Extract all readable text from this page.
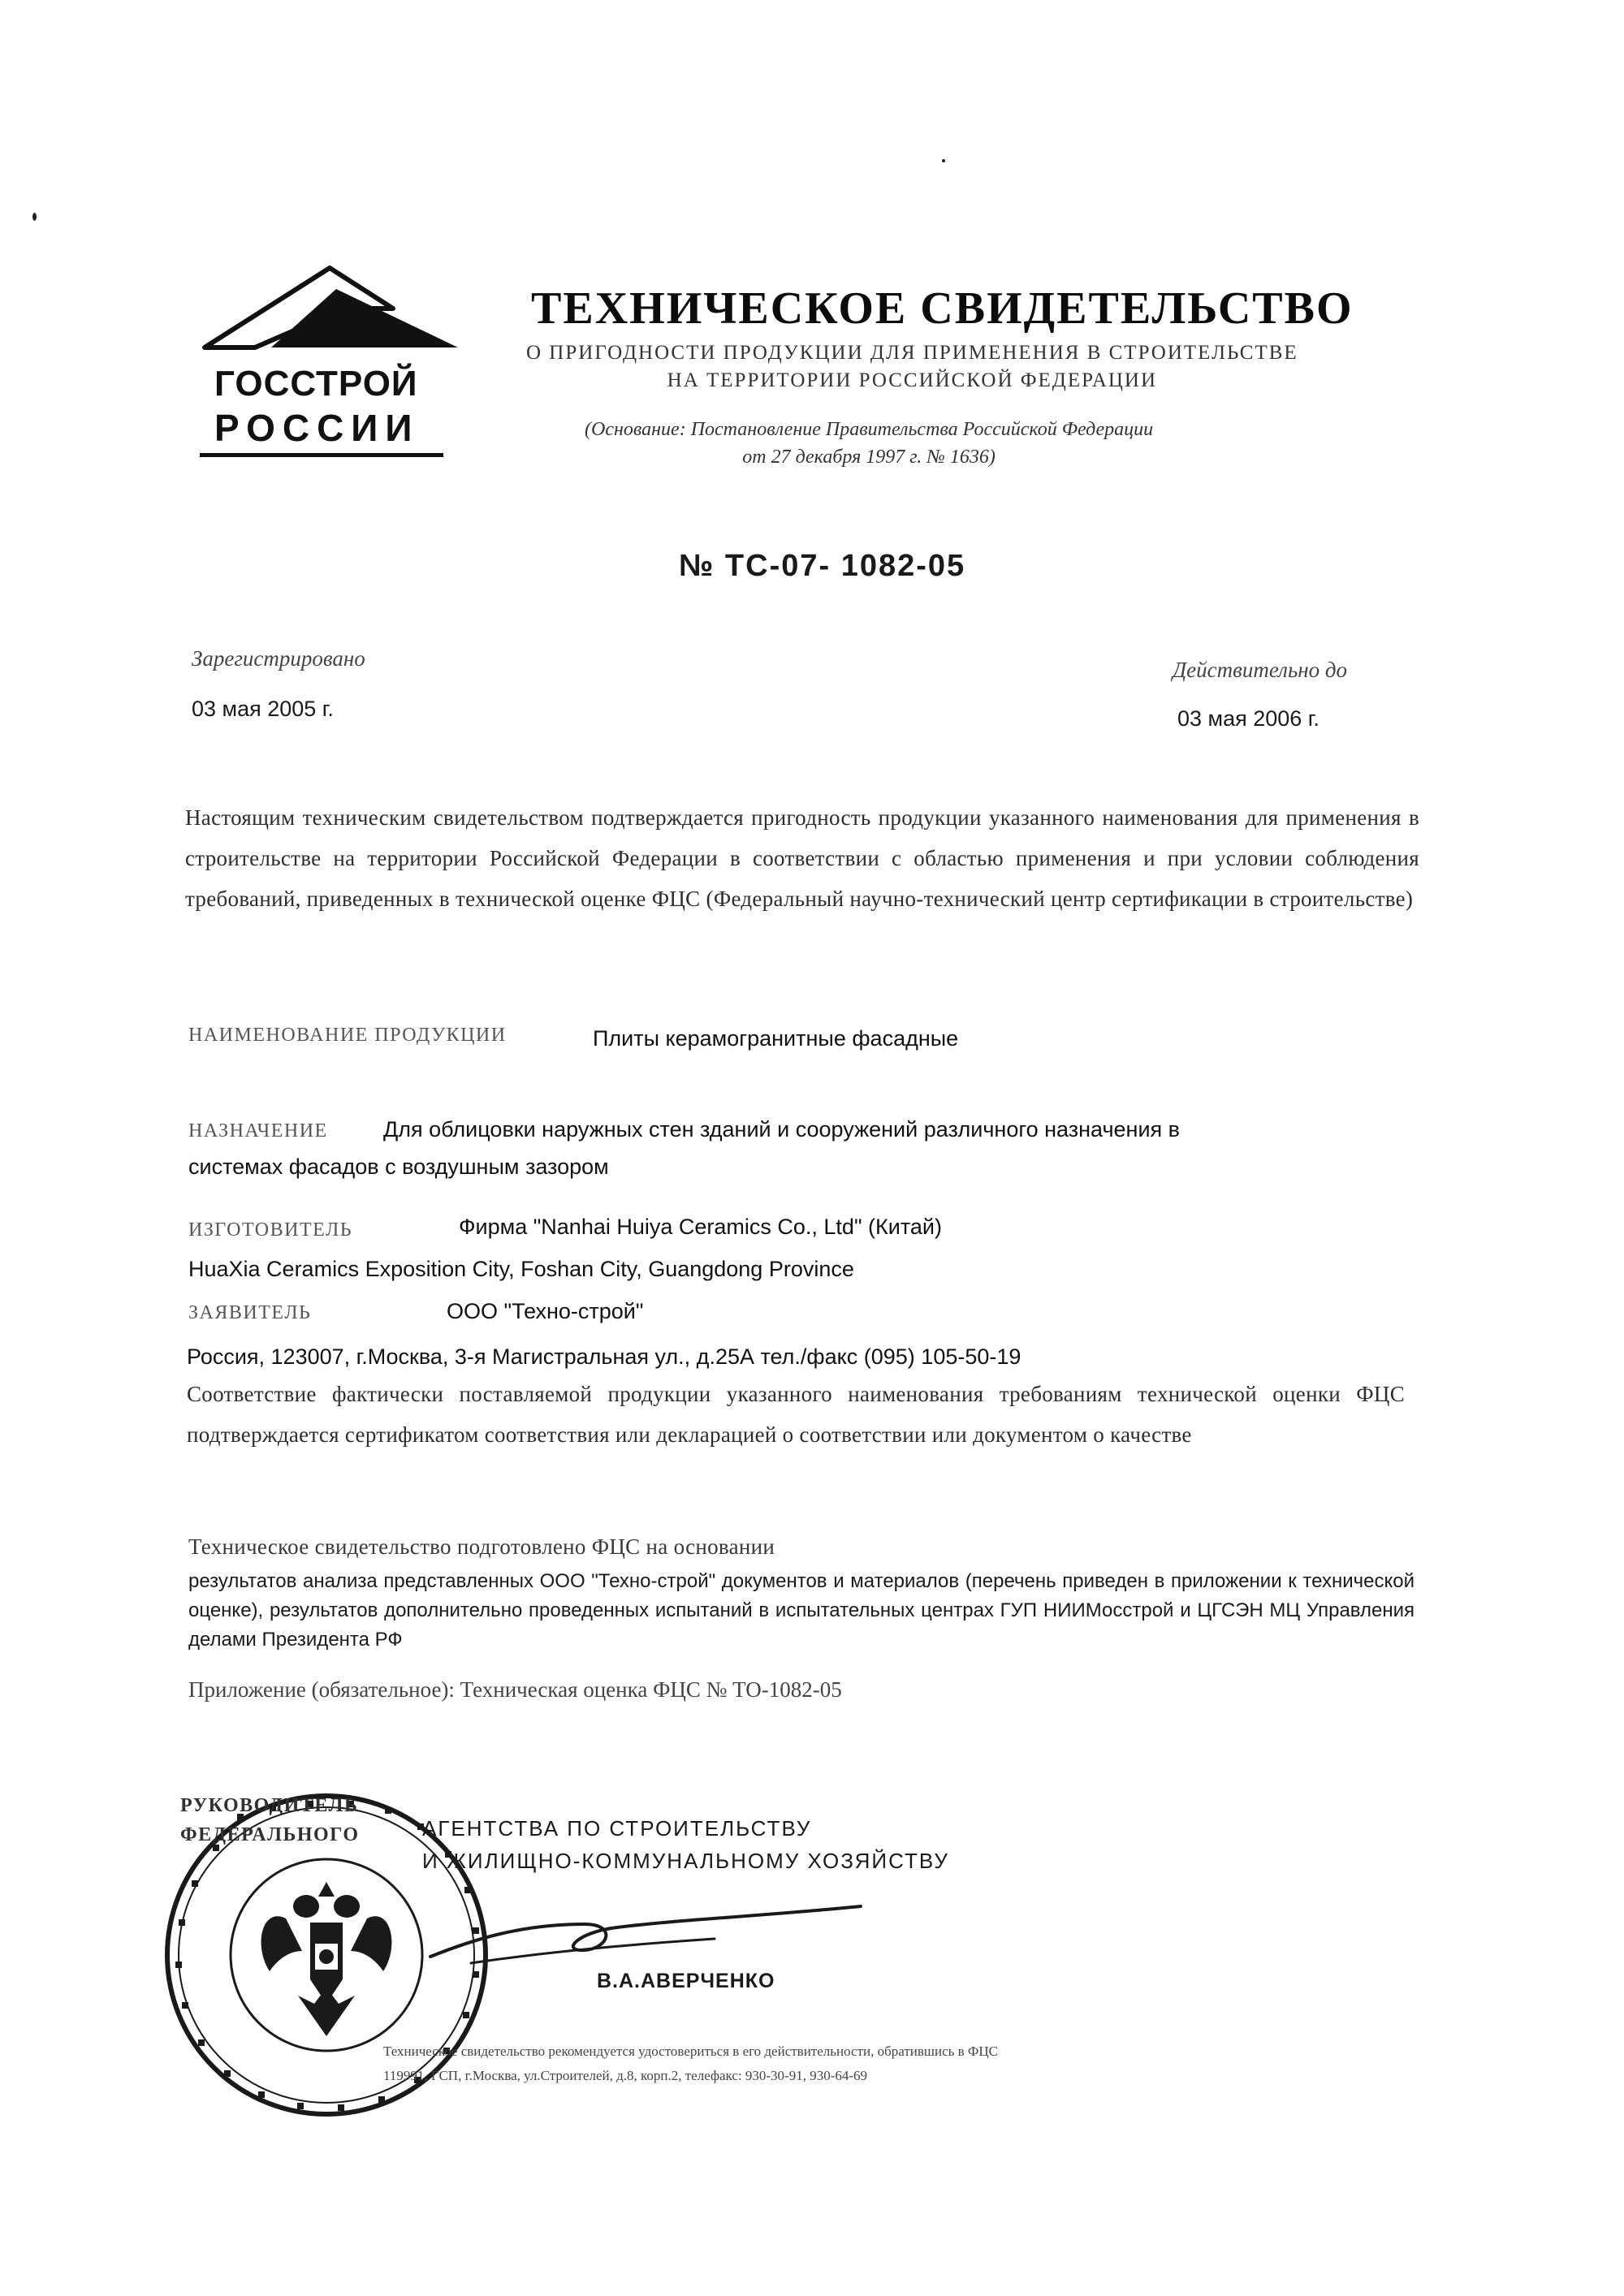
ГОССТРОЙ
РОССИИ
ТЕХНИЧЕСКОЕ СВИДЕТЕЛЬСТВО
О ПРИГОДНОСТИ ПРОДУКЦИИ ДЛЯ ПРИМЕНЕНИЯ В СТРОИТЕЛЬСТВЕ
НА ТЕРРИТОРИИ РОССИЙСКОЙ ФЕДЕРАЦИИ
(Основание: Постановление Правительства Российской Федерации
от 27 декабря 1997 г. № 1636)
№ ТС-07- 1082-05
Зарегистрировано
03 мая 2005 г.
Действительно до
03 мая 2006 г.

Настоящим техническим свидетельством подтверждается пригодность продукции указанного наименования для применения в строительстве на территории Российской Федерации в соответствии с областью применения и при условии соблюдения требований, приведенных в технической оценке ФЦС (Федеральный научно-технический центр сертификации в строительстве)

НАИМЕНОВАНИЕ ПРОДУКЦИИ	Плиты керамогранитные фасадные
НАЗНАЧЕНИЕ	Для облицовки наружных стен зданий и сооружений различного назначения в
системах фасадов с воздушным зазором
ИЗГОТОВИТЕЛЬ	Фирма "Nanhai Huiya Ceramics Co., Ltd" (Китай)
HuaXia Ceramics Exposition City, Foshan City, Guangdong Province
ЗАЯВИТЕЛЬ	ООО "Техно-строй"
Россия, 123007, г.Москва, 3-я Магистральная ул., д.25А тел./факс (095) 105-50-19

Соответствие фактически поставляемой продукции указанного наименования требованиям технической оценки ФЦС подтверждается сертификатом соответствия или декларацией о соответствии или документом о качестве

Техническое свидетельство подготовлено ФЦС на основании

результатов анализа представленных ООО "Техно-строй" документов и материалов (перечень приведен в приложении к технической оценке), результатов дополнительно проведенных испытаний в испытательных центрах ГУП НИИМосстрой и ЦГСЭН МЦ Управления делами Президента РФ

Приложение (обязательное): Техническая оценка ФЦС № ТО-1082-05
РУКОВОДИТЕЛЬ
ФЕДЕРАЛЬНОГО	АГЕНТСТВА ПО СТРОИТЕЛЬСТВУ
И ЖИЛИЩНО-КОММУНАЛЬНОМУ ХОЗЯЙСТВУ
В.А.АВЕРЧЕНКО
Техническое свидетельство рекомендуется удостовериться в его действительности, обратившись в ФЦС
119991, ГСП, г.Москва, ул.Строителей, д.8, корп.2, телефакс: 930-30-91, 930-64-69
